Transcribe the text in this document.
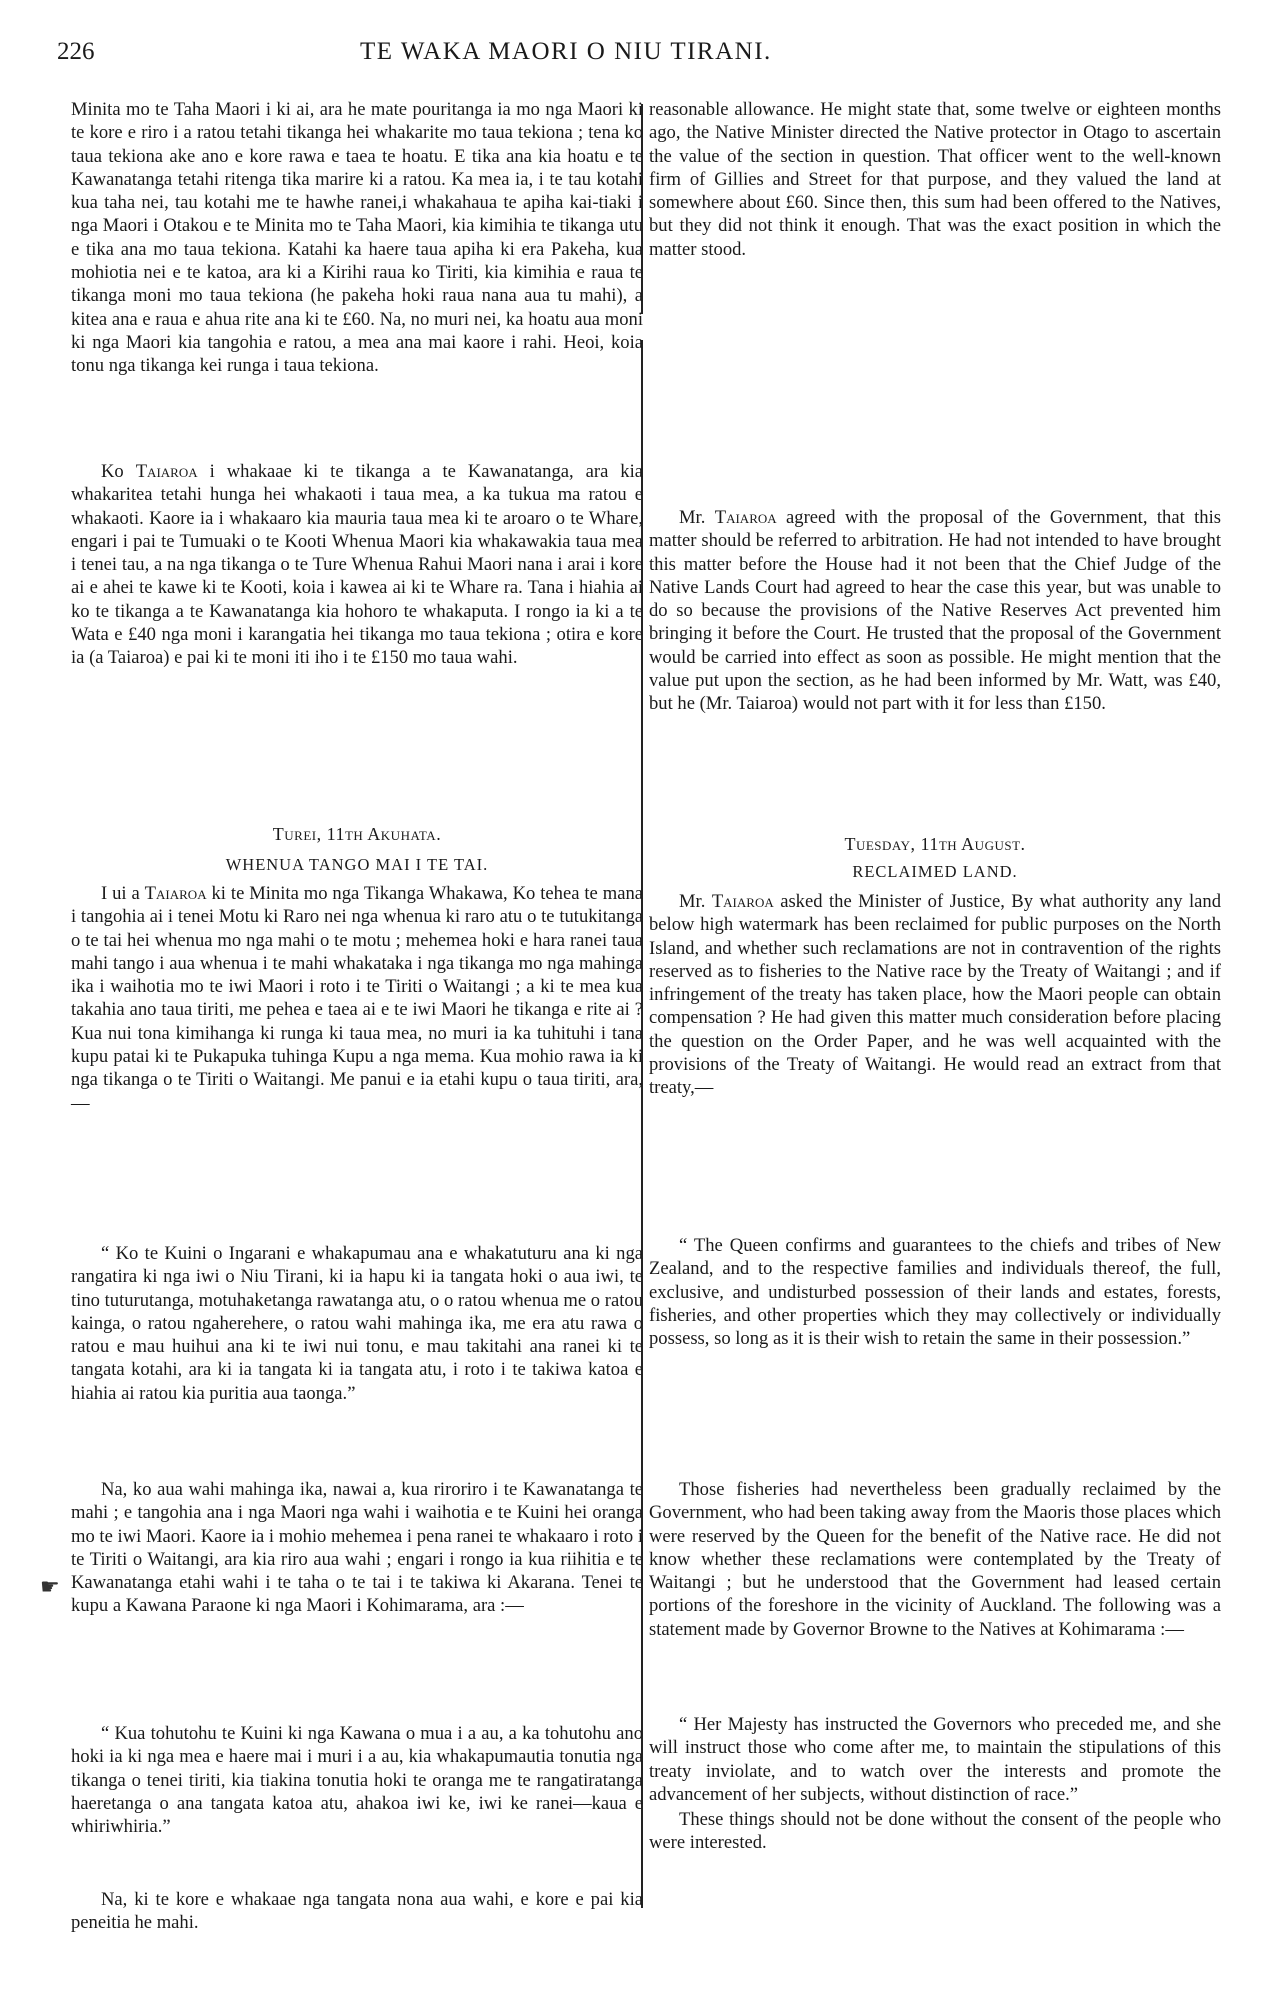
226	TE WAKA MAORI O NIU TIRANI.

Minita mo te Taha Maori i ki ai, ara he mate pouritanga ia mo nga Maori ki te kore e riro i a ratou tetahi tikanga hei whakarite mo taua tekiona ; tena ko taua tekiona ake ano e kore rawa e taea te hoatu. E tika ana kia hoatu e te Kawanatanga tetahi ritenga tika marire ki a ratou. Ka mea ia, i te tau kotahi kua taha nei, tau kotahi me te hawhe ranei,i whakahaua te apiha kai-tiaki i nga Maori i Otakou e te Minita mo te Taha Maori, kia kimihia te tikanga utu e tika ana mo taua tekiona. Katahi ka haere taua apiha ki era Pakeha, kua mohiotia nei e te katoa, ara ki a Kirihi raua ko Tiriti, kia kimihia e raua te tikanga moni mo taua tekiona (he pakeha hoki raua nana aua tu mahi), a kitea ana e raua e ahua rite ana ki te £60. Na, no muri nei, ka hoatu aua moni ki nga Maori kia tangohia e ratou, a mea ana mai kaore i rahi. Heoi, koia tonu nga tikanga kei runga i taua tekiona.

Ko Taiaroa i whakaae ki te tikanga a te Kawanatanga, ara kia whakaritea tetahi hunga hei whakaoti i taua mea, a ka tukua ma ratou e whakaoti. Kaore ia i whakaaro kia mauria taua mea ki te aroaro o te Whare, engari i pai te Tumuaki o te Kooti Whenua Maori kia whakawakia taua mea i tenei tau, a na nga tikanga o te Ture Whenua Rahui Maori nana i arai i kore ai e ahei te kawe ki te Kooti, koia i kawea ai ki te Whare ra. Tana i hiahia ai ko te tikanga a te Kawanatanga kia hohoro te whakaputa. I rongo ia ki a te Wata e £40 nga moni i karangatia hei tikanga mo taua tekiona ; otira e kore ia (a Taiaroa) e pai ki te moni iti iho i te £150 mo taua wahi.

Turei, 11th Akuhata.
WHENUA TANGO MAI I TE TAI.

I ui a Taiaroa ki te Minita mo nga Tikanga Whakawa, Ko tehea te mana i tangohia ai i tenei Motu ki Raro nei nga whenua ki raro atu o te tutukitanga o te tai hei whenua mo nga mahi o te motu ; mehemea hoki e hara ranei taua mahi tango i aua whenua i te mahi whakataka i nga tikanga mo nga mahinga ika i waihotia mo te iwi Maori i roto i te Tiriti o Waitangi ; a ki te mea kua takahia ano taua tiriti, me pehea e taea ai e te iwi Maori he tikanga e rite ai ? Kua nui tona kimihanga ki runga ki taua mea, no muri ia ka tuhituhi i tana kupu patai ki te Pukapuka tuhinga Kupu a nga mema. Kua mohio rawa ia ki nga tikanga o te Tiriti o Waitangi. Me panui e ia etahi kupu o taua tiriti, ara,—

“ Ko te Kuini o Ingarani e whakapumau ana e whakatuturu ana ki nga rangatira ki nga iwi o Niu Tirani, ki ia hapu ki ia tangata hoki o aua iwi, te tino tuturutanga, motuhaketanga rawatanga atu, o o ratou whenua me o ratou kainga, o ratou ngaherehere, o ratou wahi mahinga ika, me era atu rawa o ratou e mau huihui ana ki te iwi nui tonu, e mau takitahi ana ranei ki te tangata kotahi, ara ki ia tangata ki ia tangata atu, i roto i te takiwa katoa e hiahia ai ratou kia puritia aua taonga.”

Na, ko aua wahi mahinga ika, nawai a, kua riroriro i te Kawanatanga te mahi ; e tangohia ana i nga Maori nga wahi i waihotia e te Kuini hei oranga mo te iwi Maori. Kaore ia i mohio mehemea i pena ranei te whakaaro i roto i te Tiriti o Waitangi, ara kia riro aua wahi ; engari i rongo ia kua riihitia e te Kawanatanga etahi wahi i te taha o te tai i te takiwa ki Akarana. Tenei te kupu a Kawana Paraone ki nga Maori i Kohimarama, ara :—

“ Kua tohutohu te Kuini ki nga Kawana o mua i a au, a ka tohutohu ano hoki ia ki nga mea e haere mai i muri i a au, kia whakapumautia tonutia nga tikanga o tenei tiriti, kia tiakina tonutia hoki te oranga me te rangatiratanga haeretanga o ana tangata katoa atu, ahakoa iwi ke, iwi ke ranei—kaua e whiriwhiria.”

Na, ki te kore e whakaae nga tangata nona aua wahi, e kore e pai kia peneitia he mahi.

reasonable allowance. He might state that, some twelve or eighteen months ago, the Native Minister directed the Native protector in Otago to ascertain the value of the section in question. That officer went to the well-known firm of Gillies and Street for that purpose, and they valued the land at somewhere about £60. Since then, this sum had been offered to the Natives, but they did not think it enough. That was the exact position in which the matter stood.

Mr. Taiaroa agreed with the proposal of the Government, that this matter should be referred to arbitration. He had not intended to have brought this matter before the House had it not been that the Chief Judge of the Native Lands Court had agreed to hear the case this year, but was unable to do so because the provisions of the Native Reserves Act prevented him bringing it before the Court. He trusted that the proposal of the Government would be carried into effect as soon as possible. He might mention that the value put upon the section, as he had been informed by Mr. Watt, was £40, but he (Mr. Taiaroa) would not part with it for less than £150.

Tuesday, 11th August.
RECLAIMED LAND.

Mr. Taiaroa asked the Minister of Justice, By what authority any land below high watermark has been reclaimed for public purposes on the North Island, and whether such reclamations are not in contravention of the rights reserved as to fisheries to the Native race by the Treaty of Waitangi ; and if infringement of the treaty has taken place, how the Maori people can obtain compensation ? He had given this matter much consideration before placing the question on the Order Paper, and he was well acquainted with the provisions of the Treaty of Waitangi. He would read an extract from that treaty,—

“ The Queen confirms and guarantees to the chiefs and tribes of New Zealand, and to the respective families and individuals thereof, the full, exclusive, and undisturbed possession of their lands and estates, forests, fisheries, and other properties which they may collectively or individually possess, so long as it is their wish to retain the same in their possession.”

Those fisheries had nevertheless been gradually reclaimed by the Government, who had been taking away from the Maoris those places which were reserved by the Queen for the benefit of the Native race. He did not know whether these reclamations were contemplated by the Treaty of Waitangi ; but he understood that the Government had leased certain portions of the foreshore in the vicinity of Auckland. The following was a statement made by Governor Browne to the Natives at Kohimarama :—

“ Her Majesty has instructed the Governors who preceded me, and she will instruct those who come after me, to maintain the stipulations of this treaty inviolate, and to watch over the interests and promote the advancement of her subjects, without distinction of race.”

These things should not be done without the consent of the people who were interested.

☛
